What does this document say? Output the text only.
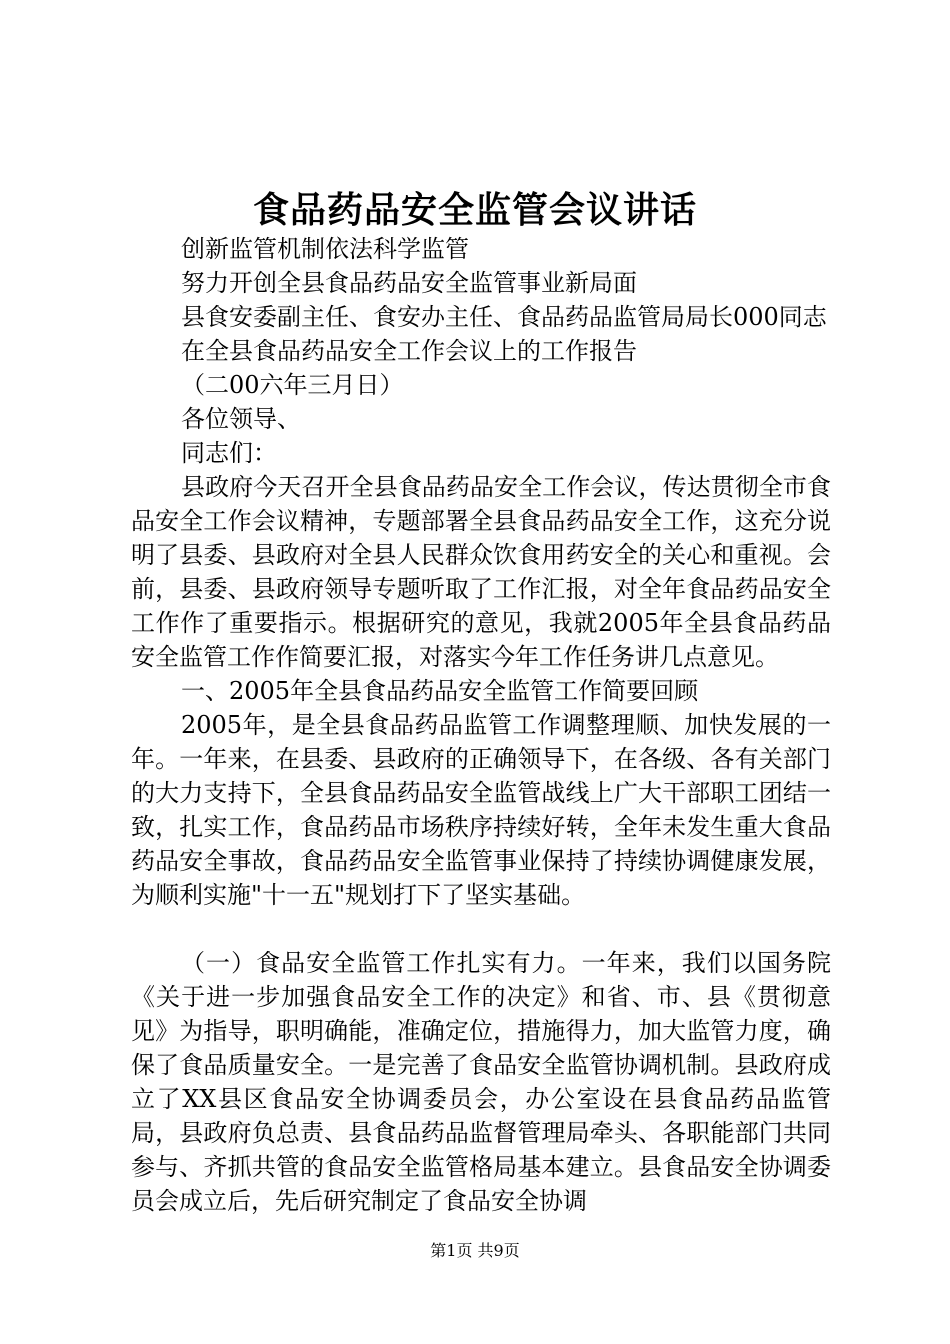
食品药品安全监管会议讲话

创新监管机制依法科学监管

努力开创全县食品药品安全监管事业新局面

县食安委副主任、食安办主任、食品药品监管局局长000同志

在全县食品药品安全工作会议上的工作报告

（二00六年三月日）

各位领导、

同志们：

县政府今天召开全县食品药品安全工作会议，传达贯彻全市食品安全工作会议精神，专题部署全县食品药品安全工作，这充分说明了县委、县政府对全县人民群众饮食用药安全的关心和重视。会前，县委、县政府领导专题听取了工作汇报，对全年食品药品安全工作作了重要指示。根据研究的意见，我就2005年全县食品药品安全监管工作作简要汇报，对落实今年工作任务讲几点意见。

一、2005年全县食品药品安全监管工作简要回顾

2005年，是全县食品药品监管工作调整理顺、加快发展的一年。一年来，在县委、县政府的正确领导下，在各级、各有关部门的大力支持下，全县食品药品安全监管战线上广大干部职工团结一致，扎实工作，食品药品市场秩序持续好转，全年未发生重大食品药品安全事故，食品药品安全监管事业保持了持续协调健康发展，为顺利实施"十一五"规划打下了坚实基础。

（一）食品安全监管工作扎实有力。一年来，我们以国务院《关于进一步加强食品安全工作的决定》和省、市、县《贯彻意见》为指导，职明确能，准确定位，措施得力，加大监管力度，确保了食品质量安全。一是完善了食品安全监管协调机制。县政府成立了XX县区食品安全协调委员会，办公室设在县食品药品监管局，县政府负总责、县食品药品监督管理局牵头、各职能部门共同参与、齐抓共管的食品安全监管格局基本建立。县食品安全协调委员会成立后，先后研究制定了食品安全协调

第1页 共9页
